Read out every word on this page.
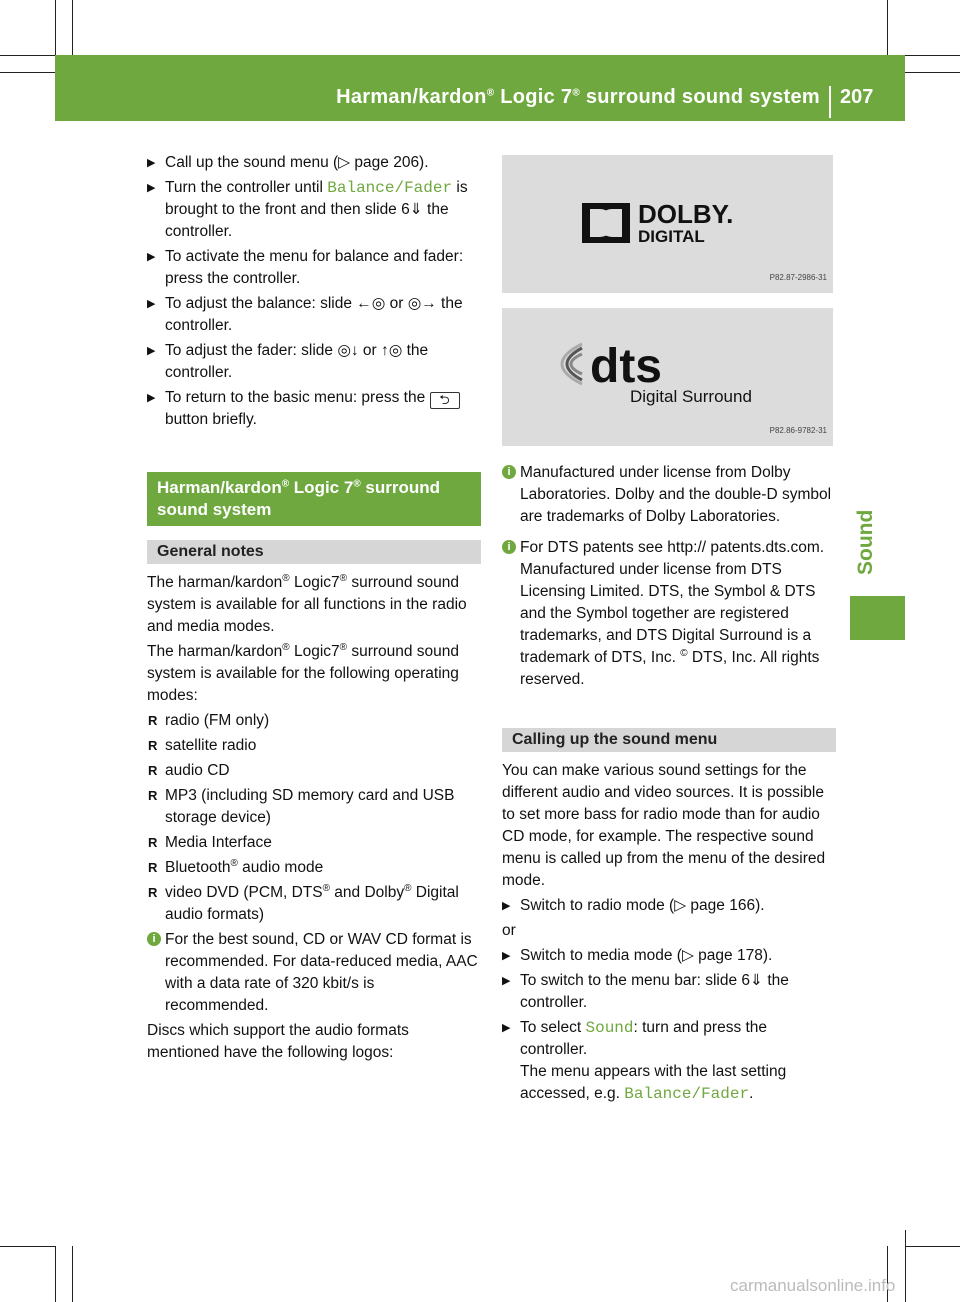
Harman/kardon® Logic 7® surround sound system 207
Sound
▶ Call up the sound menu (▷ page 206).
▶ Turn the controller until Balance/Fader is brought to the front and then slide 6⇓ the controller.
▶ To activate the menu for balance and fader: press the controller.
▶ To adjust the balance: slide ←◎ or ◎→ the controller.
▶ To adjust the fader: slide ◎↓ or ↑◎ the controller.
▶ To return to the basic menu: press the ⮌ button briefly.
Harman/kardon® Logic 7® surround sound system
General notes
The harman/kardon® Logic7® surround sound system is available for all functions in the radio and media modes.
The harman/kardon® Logic7® surround sound system is available for the following operating modes:
R radio (FM only)
R satellite radio
R audio CD
R MP3 (including SD memory card and USB storage device)
R Media Interface
R Bluetooth® audio mode
R video DVD (PCM, DTS® and Dolby® Digital audio formats)
i For the best sound, CD or WAV CD format is recommended. For data-reduced media, AAC with a data rate of 320 kbit/s is recommended.
Discs which support the audio formats mentioned have the following logos:
DOLBY.
DIGITAL
P82.87-2986-31
dts
Digital Surround
P82.86-9782-31
i Manufactured under license from Dolby Laboratories. Dolby and the double-D symbol are trademarks of Dolby Laboratories.
i For DTS patents see http:// patents.dts.com. Manufactured under license from DTS Licensing Limited. DTS, the Symbol & DTS and the Symbol together are registered trademarks, and DTS Digital Surround is a trademark of DTS, Inc. © DTS, Inc. All rights reserved.
Calling up the sound menu
You can make various sound settings for the different audio and video sources. It is possible to set more bass for radio mode than for audio CD mode, for example. The respective sound menu is called up from the menu of the desired mode.
▶ Switch to radio mode (▷ page 166).
or
▶ Switch to media mode (▷ page 178).
▶ To switch to the menu bar: slide 6⇓ the controller.
▶ To select Sound: turn and press the controller.
The menu appears with the last setting accessed, e.g. Balance/Fader.
carmanualsonline.info
